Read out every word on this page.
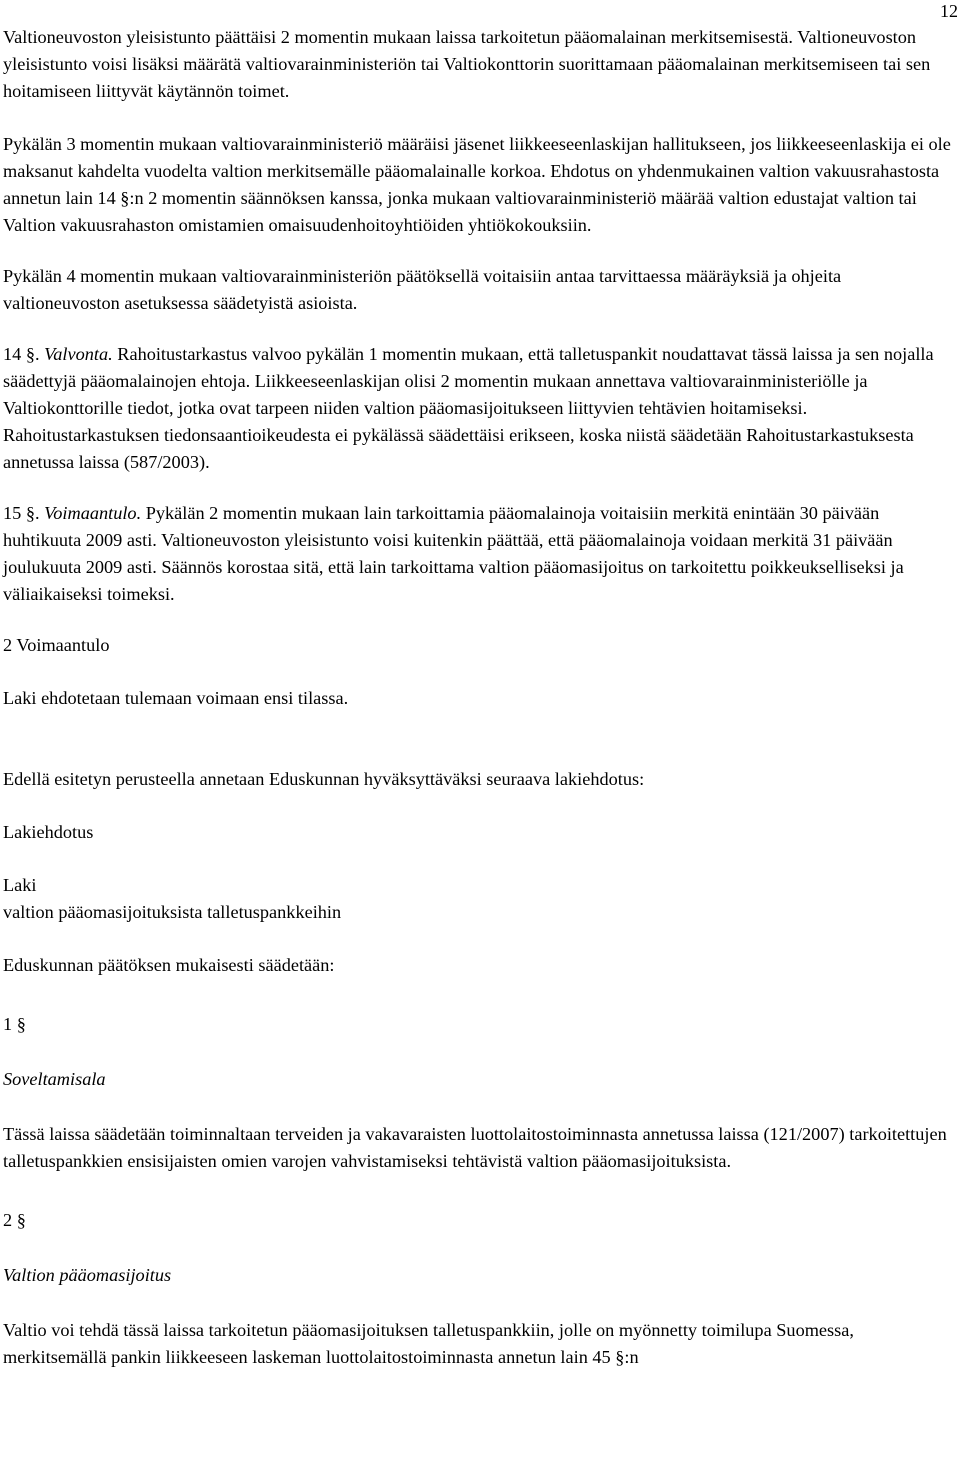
12

Valtioneuvoston yleisistunto päättäisi 2 momentin mukaan laissa tarkoitetun pääomalainan merkitsemisestä. Valtioneuvoston yleisistunto voisi lisäksi määrätä valtiovarainministeriön tai Valtiokonttorin suorittamaan pääomalainan merkitsemiseen tai sen hoitamiseen liittyvät käytännön toimet.

Pykälän 3 momentin mukaan valtiovarainministeriö määräisi jäsenet liikkeeseenlaskijan hallitukseen, jos liikkeeseenlaskija ei ole maksanut kahdelta vuodelta valtion merkitsemälle pääomalainalle korkoa. Ehdotus on yhdenmukainen valtion vakuusrahastosta annetun lain 14 §:n 2 momentin säännöksen kanssa, jonka mukaan valtiovarainministeriö määrää valtion edustajat valtion tai Valtion vakuusrahaston omistamien omaisuudenhoitoyhtiöiden yhtiökokouksiin.

Pykälän 4 momentin mukaan valtiovarainministeriön päätöksellä voitaisiin antaa tarvittaessa määräyksiä ja ohjeita valtioneuvoston asetuksessa säädetyistä asioista.

14 §. Valvonta. Rahoitustarkastus valvoo pykälän 1 momentin mukaan, että talletuspankit noudattavat tässä laissa ja sen nojalla säädettyjä pääomalainojen ehtoja. Liikkeeseenlaskijan olisi 2 momentin mukaan annettava valtiovarainministeriölle ja Valtiokonttorille tiedot, jotka ovat tarpeen niiden valtion pääomasijoitukseen liittyvien tehtävien hoitamiseksi. Rahoitustarkastuksen tiedonsaantioikeudesta ei pykälässä säädettäisi erikseen, koska niistä säädetään Rahoitustarkastuksesta annetussa laissa (587/2003).

15 §. Voimaantulo. Pykälän 2 momentin mukaan lain tarkoittamia pääomalainoja voitaisiin merkitä enintään 30 päivään huhtikuuta 2009 asti. Valtioneuvoston yleisistunto voisi kuitenkin päättää, että pääomalainoja voidaan merkitä 31 päivään joulukuuta 2009 asti. Säännös korostaa sitä, että lain tarkoittama valtion pääomasijoitus on tarkoitettu poikkeukselliseksi ja väliaikaiseksi toimeksi.

2 Voimaantulo

Laki ehdotetaan tulemaan voimaan ensi tilassa.

Edellä esitetyn perusteella annetaan Eduskunnan hyväksyttäväksi seuraava lakiehdotus:

Lakiehdotus

Laki
valtion pääomasijoituksista talletuspankkeihin

Eduskunnan päätöksen mukaisesti säädetään:

1 §

Soveltamisala

Tässä laissa säädetään toiminnaltaan terveiden ja vakavaraisten luottolaitostoiminnasta annetussa laissa (121/2007) tarkoitettujen talletuspankkien ensisijaisten omien varojen vahvistamiseksi tehtävistä valtion pääomasijoituksista.

2 §

Valtion pääomasijoitus

Valtio voi tehdä tässä laissa tarkoitetun pääomasijoituksen talletuspankkiin, jolle on myönnetty toimilupa Suomessa, merkitsemällä pankin liikkeeseen laskeman luottolaitostoiminnasta annetun lain 45 §:n
